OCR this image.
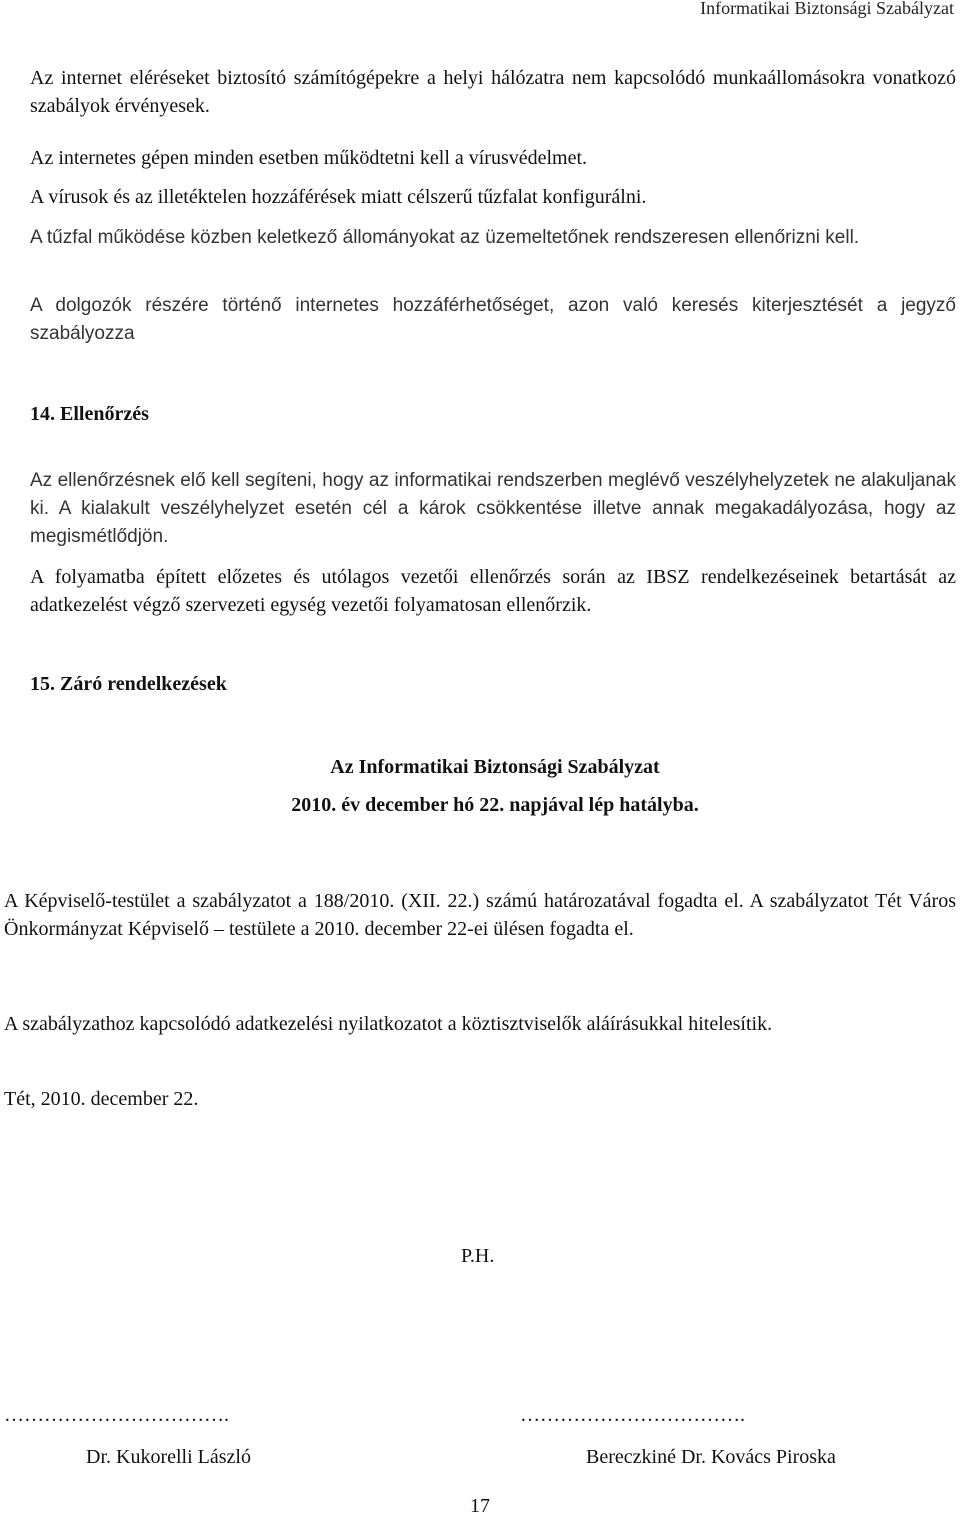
Informatikai Biztonsági Szabályzat

Az internet eléréseket biztosító számítógépekre a helyi hálózatra nem kapcsolódó munkaállomásokra vonatkozó szabályok érvényesek.

Az internetes gépen minden esetben működtetni kell a vírusvédelmet.

A vírusok és az illetéktelen hozzáférések miatt célszerű tűzfalat konfigurálni.

A tűzfal működése közben keletkező állományokat az üzemeltetőnek rendszeresen ellenőrizni kell.

A dolgozók részére történő internetes hozzáférhetőséget, azon való keresés kiterjesztését a jegyző szabályozza

14. Ellenőrzés

Az ellenőrzésnek elő kell segíteni, hogy az informatikai rendszerben meglévő veszélyhelyzetek ne alakuljanak ki. A kialakult veszélyhelyzet esetén cél a károk csökkentése illetve annak megakadályozása, hogy az megismétlődjön.

A folyamatba épített előzetes és utólagos vezetői ellenőrzés során az IBSZ rendelkezéseinek betartását az adatkezelést végző szervezeti egység vezetői folyamatosan ellenőrzik.

15. Záró rendelkezések
Az Informatikai Biztonsági Szabályzat
2010. év december hó 22. napjával lép hatályba.

A Képviselő-testület a szabályzatot a 188/2010. (XII. 22.) számú határozatával fogadta el. A szabályzatot Tét Város Önkormányzat Képviselő – testülete a 2010. december 22-ei ülésen fogadta el.

A szabályzathoz kapcsolódó adatkezelési nyilatkozatot a köztisztviselők aláírásukkal hitelesítik.

Tét, 2010. december 22.
P.H.
…………………………….	…………………………….
Dr. Kukorelli László	Bereczkiné Dr. Kovács Piroska
17
